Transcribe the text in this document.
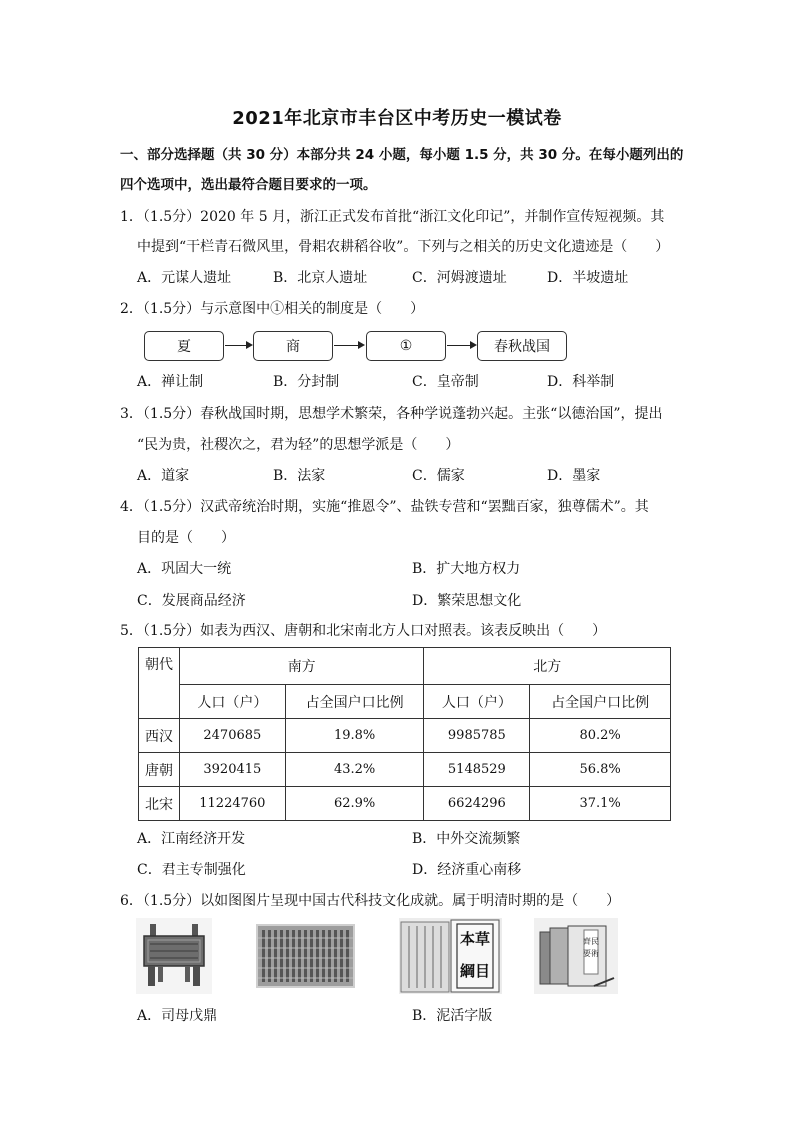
2021年北京市丰台区中考历史一模试卷
一、部分选择题（共 30 分）本部分共 24 小题，每小题 1.5 分，共 30 分。在每小题列出的
四个选项中，选出最符合题目要求的一项。
1．（1.5分）2020 年 5 月，浙江正式发布首批“浙江文化印记”，并制作宣传短视频。其
中提到“干栏青石微风里，骨耜农耕稻谷收”。下列与之相关的历史文化遗迹是（　　）
A．元谋人遗址	B．北京人遗址	C．河姆渡遗址	D．半坡遗址
2．（1.5分）与示意图中①相关的制度是（　　）
夏	商	①	春秋战国
A．禅让制	B．分封制	C．皇帝制	D．科举制
3．（1.5分）春秋战国时期，思想学术繁荣，各种学说蓬勃兴起。主张“以德治国”，提出
“民为贵，社稷次之，君为轻”的思想学派是（　　）
A．道家	B．法家	C．儒家	D．墨家
4．（1.5分）汉武帝统治时期，实施“推恩令”、盐铁专营和“罢黜百家，独尊儒术”。其
目的是（　　）
A．巩固大一统	B．扩大地方权力
C．发展商品经济	D．繁荣思想文化
5．（1.5分）如表为西汉、唐朝和北宋南北方人口对照表。该表反映出（　　）
朝代	南方		北方	
	人口（户）	占全国户口比例	人口（户）	占全国户口比例
西汉	2470685	19.8%	9985785	80.2%
唐朝	3920415	43.2%	5148529	56.8%
北宋	11224760	62.9%	6624296	37.1%
A．江南经济开发	B．中外交流频繁
C．君主专制强化	D．经济重心南移
6．（1.5分）以如图图片呈现中国古代科技文化成就。属于明清时期的是（　　）
本草
綱目
齊民
要術
A．司母戊鼎	B．泥活字版
